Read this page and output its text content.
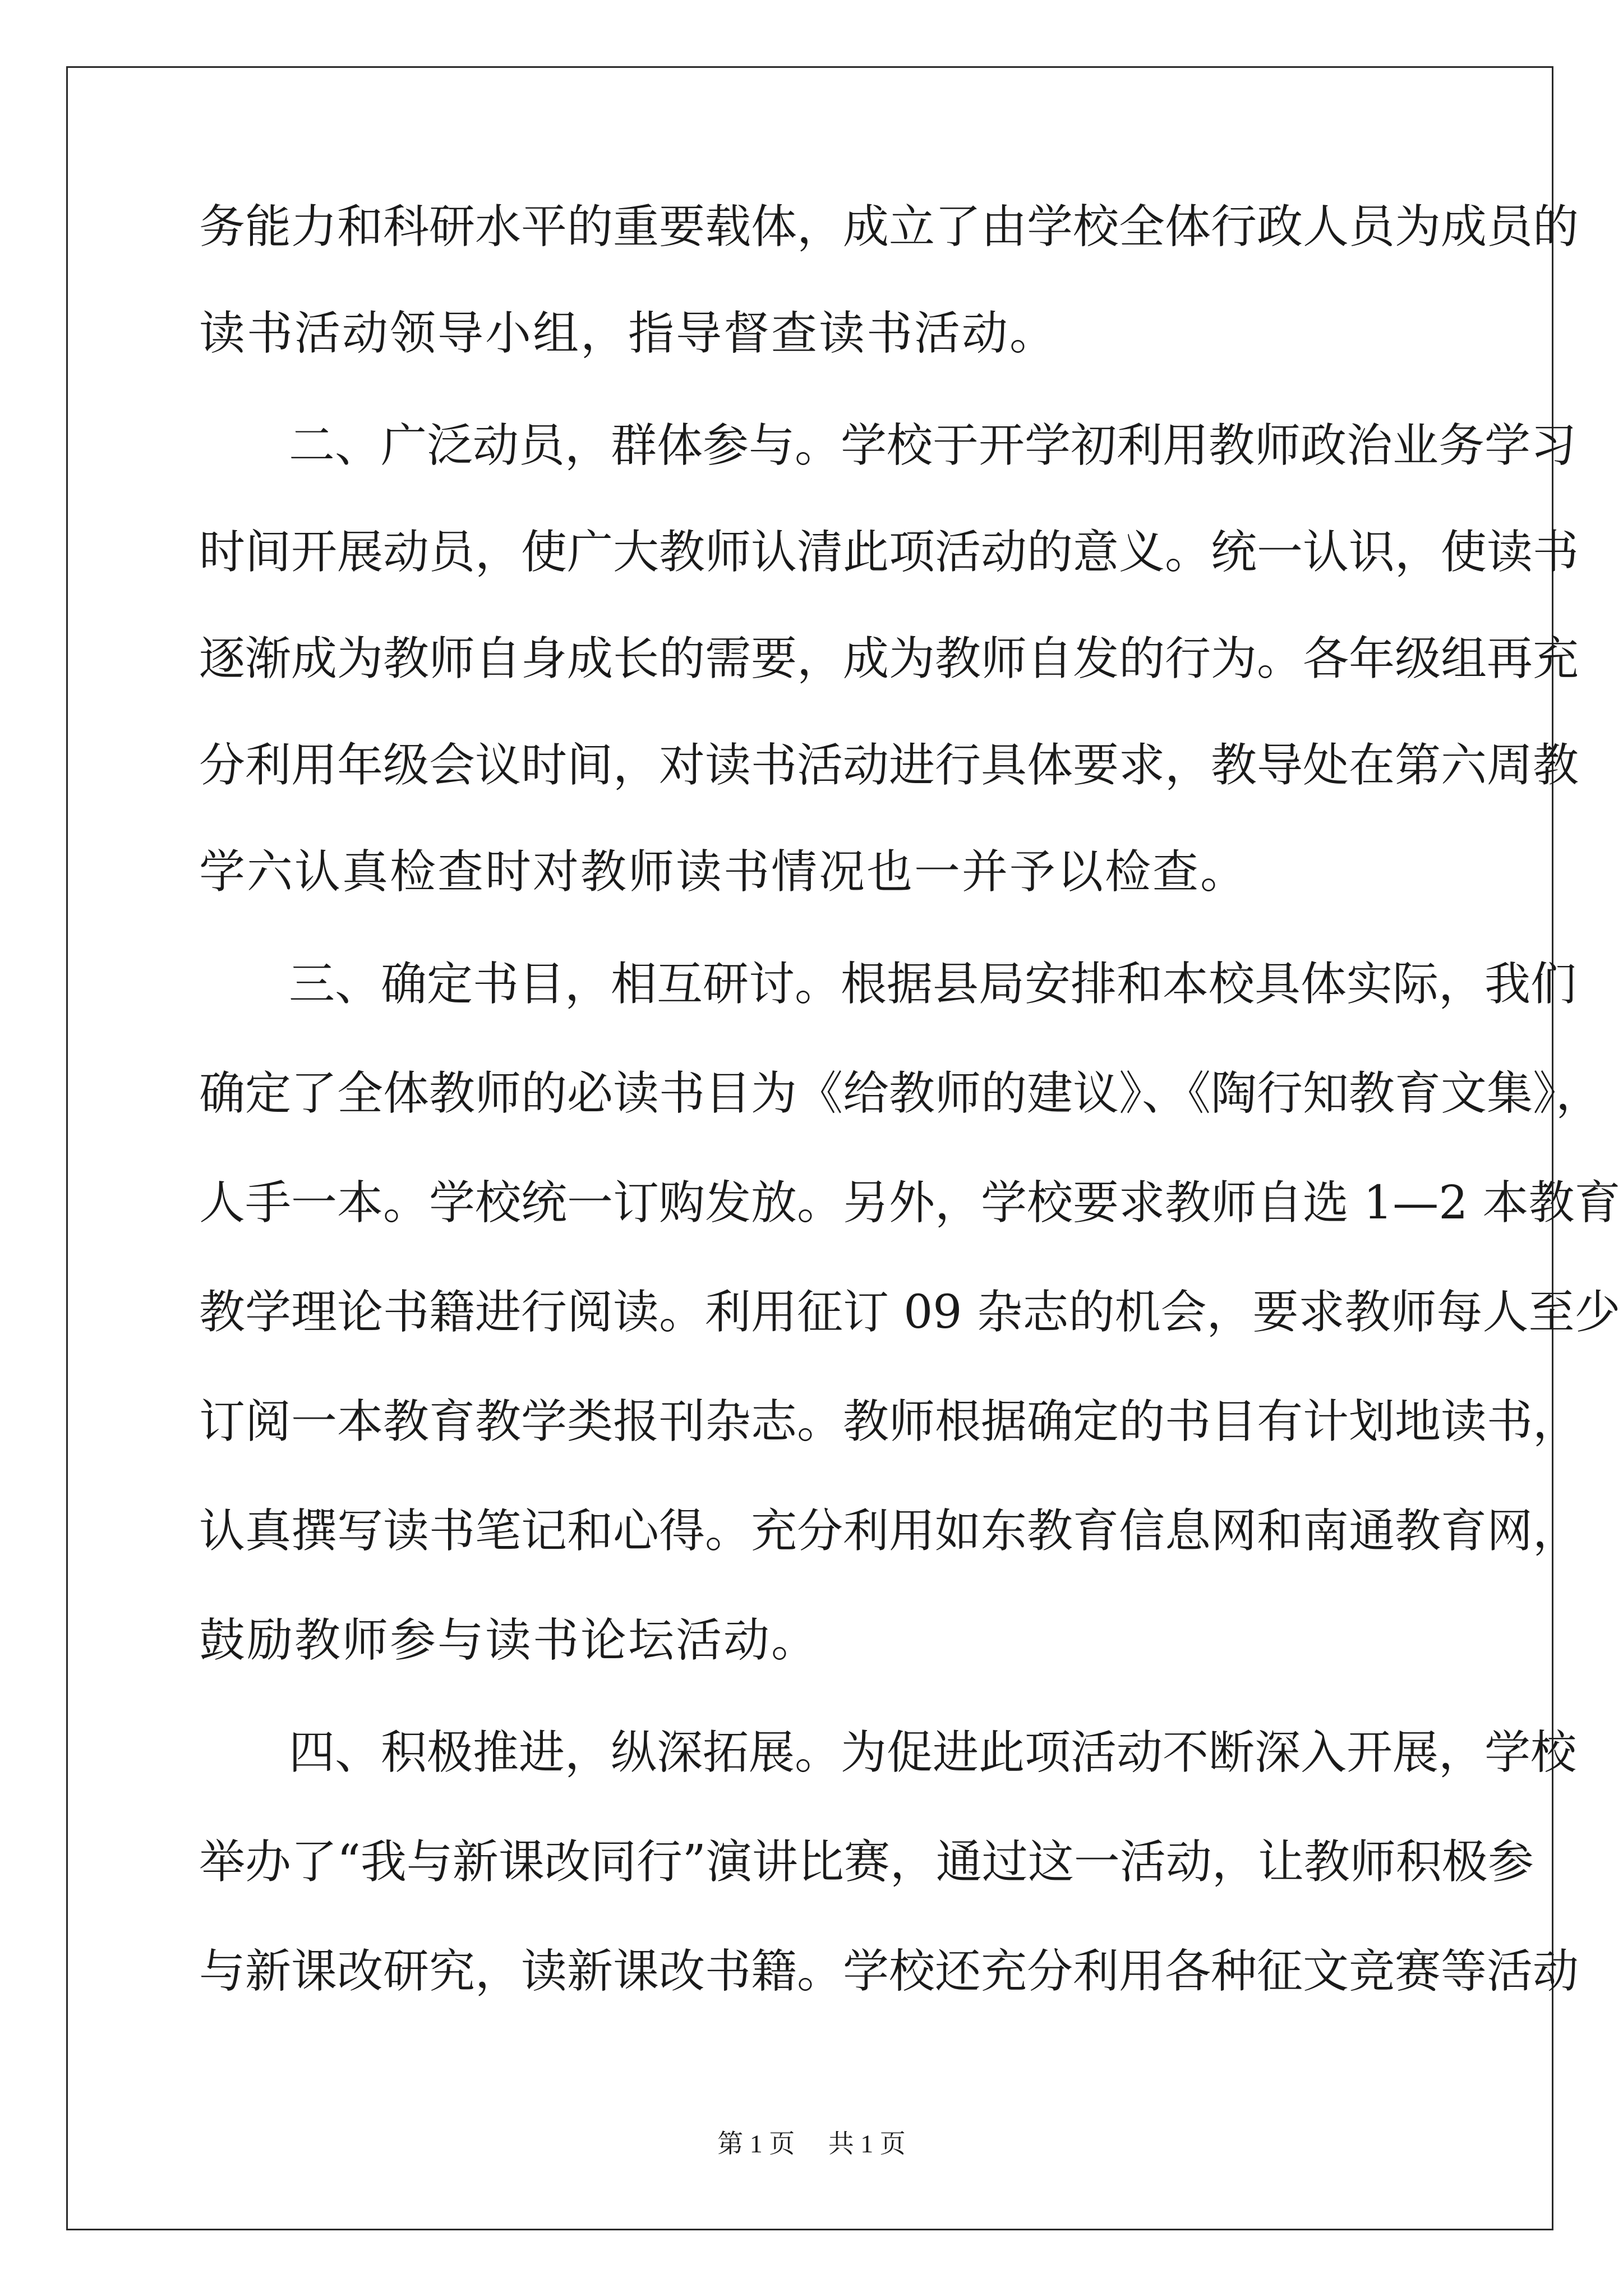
务能力和科研水平的重要载体，成立了由学校全体行政人员为成员的
读书活动领导小组，指导督查读书活动。
二、广泛动员，群体参与。学校于开学初利用教师政治业务学习
时间开展动员，使广大教师认清此项活动的意义。统一认识，使读书
逐渐成为教师自身成长的需要，成为教师自发的行为。各年级组再充
分利用年级会议时间，对读书活动进行具体要求，教导处在第六周教
学六认真检查时对教师读书情况也一并予以检查。
三、确定书目，相互研讨。根据县局安排和本校具体实际，我们
确定了全体教师的必读书目为《给教师的建议》、《陶行知教育文集》，
人手一本。学校统一订购发放。另外，学校要求教师自选 1—2 本教育
教学理论书籍进行阅读。利用征订 09 杂志的机会，要求教师每人至少
订阅一本教育教学类报刊杂志。教师根据确定的书目有计划地读书，
认真撰写读书笔记和心得。充分利用如东教育信息网和南通教育网，
鼓励教师参与读书论坛活动。
四、积极推进，纵深拓展。为促进此项活动不断深入开展，学校
举办了“我与新课改同行”演讲比赛，通过这一活动，让教师积极参
与新课改研究，读新课改书籍。学校还充分利用各种征文竞赛等活动
第 1 页 共 1 页
